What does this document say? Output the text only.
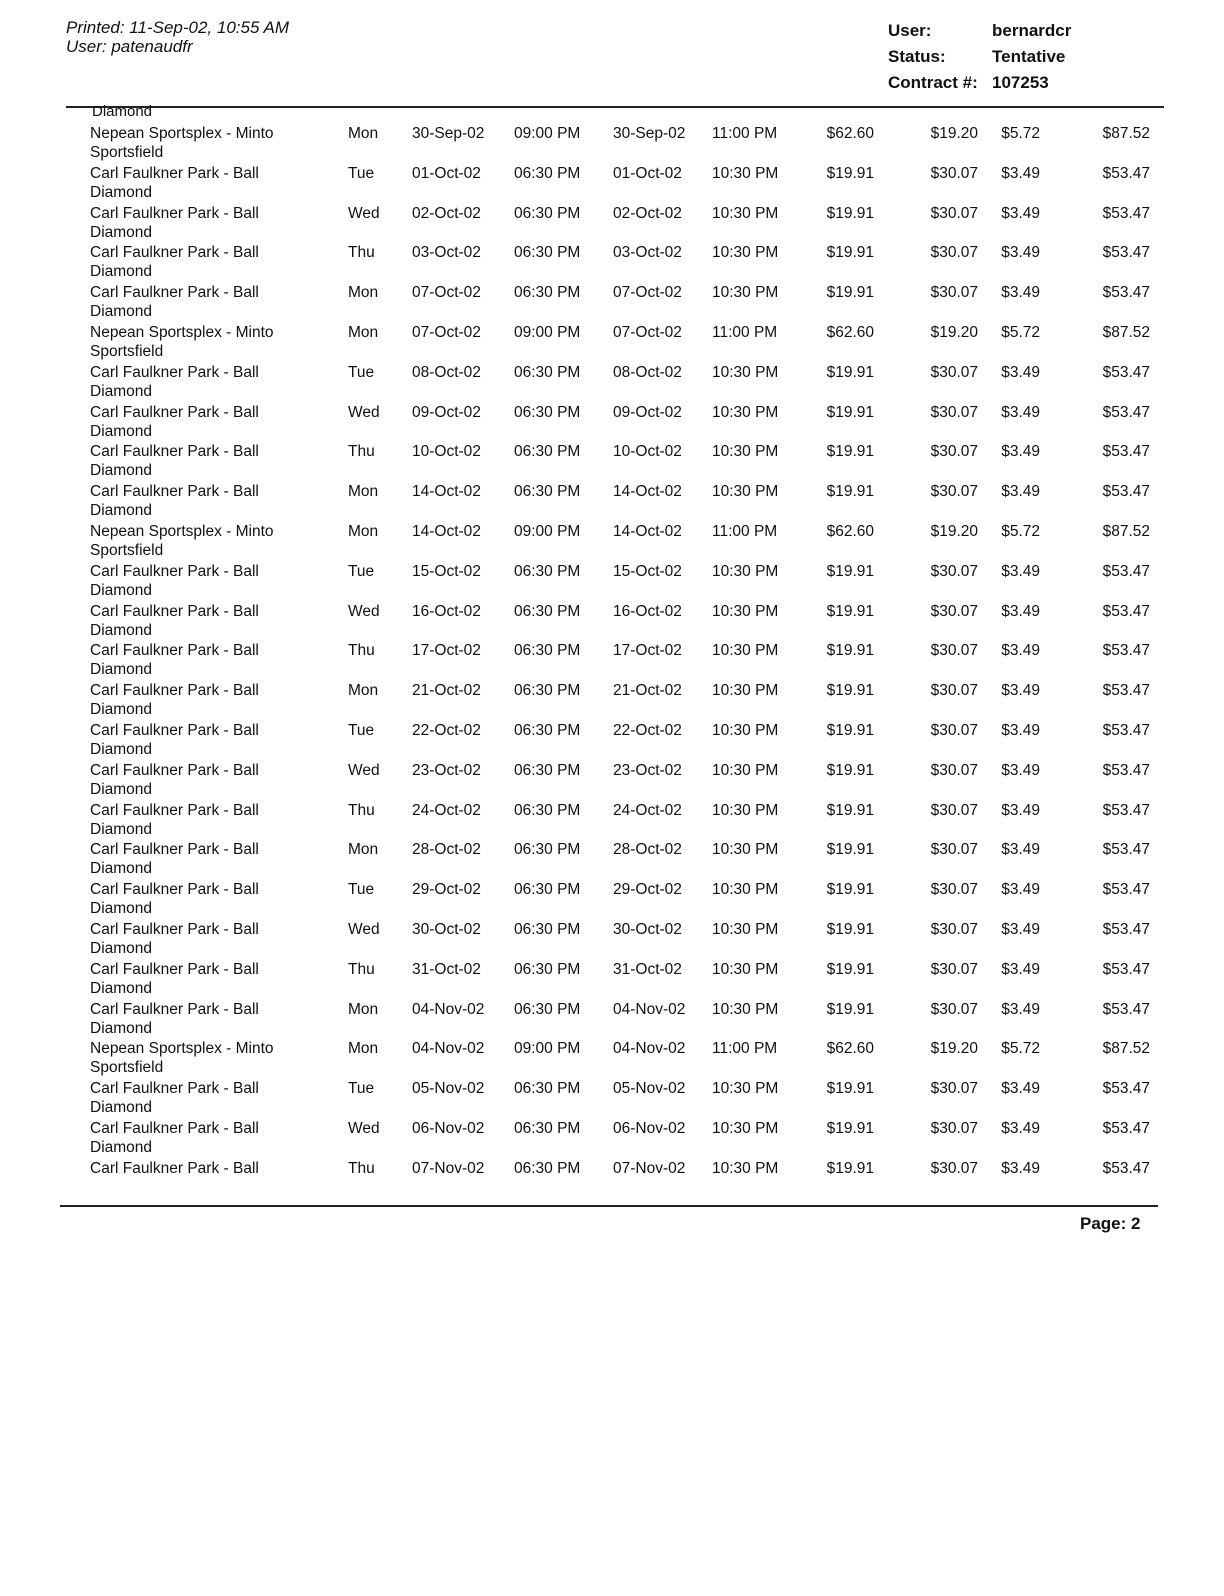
Printed: 11-Sep-02, 10:55 AM
User: patenaudfr
User:	bernardcr
Status:	Tentative
Contract #: 107253
Diamond
Nepean Sportsplex - Minto Sportsfield
Mon 30-Sep-02 09:00 PM 30-Sep-02 11:00 PM	$62.60	$19.20	$5.72	$87.52
Carl Faulkner Park - Ball Diamond
Tue 01-Oct-02 06:30 PM 01-Oct-02 10:30 PM	$19.91	$30.07	$3.49	$53.47
Carl Faulkner Park - Ball Diamond
Wed 02-Oct-02 06:30 PM 02-Oct-02 10:30 PM	$19.91	$30.07	$3.49	$53.47
Carl Faulkner Park - Ball Diamond
Thu 03-Oct-02 06:30 PM 03-Oct-02 10:30 PM	$19.91	$30.07	$3.49	$53.47
Carl Faulkner Park - Ball Diamond
Mon 07-Oct-02 06:30 PM 07-Oct-02 10:30 PM	$19.91	$30.07	$3.49	$53.47
Nepean Sportsplex - Minto Sportsfield
Mon 07-Oct-02 09:00 PM 07-Oct-02 11:00 PM	$62.60	$19.20	$5.72	$87.52
Carl Faulkner Park - Ball Diamond
Tue 08-Oct-02 06:30 PM 08-Oct-02 10:30 PM	$19.91	$30.07	$3.49	$53.47
Carl Faulkner Park - Ball Diamond
Wed 09-Oct-02 06:30 PM 09-Oct-02 10:30 PM	$19.91	$30.07	$3.49	$53.47
Carl Faulkner Park - Ball Diamond
Thu 10-Oct-02 06:30 PM 10-Oct-02 10:30 PM	$19.91	$30.07	$3.49	$53.47
Carl Faulkner Park - Ball Diamond
Mon 14-Oct-02 06:30 PM 14-Oct-02 10:30 PM	$19.91	$30.07	$3.49	$53.47
Nepean Sportsplex - Minto Sportsfield
Mon 14-Oct-02 09:00 PM 14-Oct-02 11:00 PM	$62.60	$19.20	$5.72	$87.52
Carl Faulkner Park - Ball Diamond
Tue 15-Oct-02 06:30 PM 15-Oct-02 10:30 PM	$19.91	$30.07	$3.49	$53.47
Carl Faulkner Park - Ball Diamond
Wed 16-Oct-02 06:30 PM 16-Oct-02 10:30 PM	$19.91	$30.07	$3.49	$53.47
Carl Faulkner Park - Ball Diamond
Thu 17-Oct-02 06:30 PM 17-Oct-02 10:30 PM	$19.91	$30.07	$3.49	$53.47
Carl Faulkner Park - Ball Diamond
Mon 21-Oct-02 06:30 PM 21-Oct-02 10:30 PM	$19.91	$30.07	$3.49	$53.47
Carl Faulkner Park - Ball Diamond
Tue 22-Oct-02 06:30 PM 22-Oct-02 10:30 PM	$19.91	$30.07	$3.49	$53.47
Carl Faulkner Park - Ball Diamond
Wed 23-Oct-02 06:30 PM 23-Oct-02 10:30 PM	$19.91	$30.07	$3.49	$53.47
Carl Faulkner Park - Ball Diamond
Thu 24-Oct-02 06:30 PM 24-Oct-02 10:30 PM	$19.91	$30.07	$3.49	$53.47
Carl Faulkner Park - Ball Diamond
Mon 28-Oct-02 06:30 PM 28-Oct-02 10:30 PM	$19.91	$30.07	$3.49	$53.47
Carl Faulkner Park - Ball Diamond
Tue 29-Oct-02 06:30 PM 29-Oct-02 10:30 PM	$19.91	$30.07	$3.49	$53.47
Carl Faulkner Park - Ball Diamond
Wed 30-Oct-02 06:30 PM 30-Oct-02 10:30 PM	$19.91	$30.07	$3.49	$53.47
Carl Faulkner Park - Ball Diamond
Thu 31-Oct-02 06:30 PM 31-Oct-02 10:30 PM	$19.91	$30.07	$3.49	$53.47
Carl Faulkner Park - Ball Diamond
Mon 04-Nov-02 06:30 PM 04-Nov-02 10:30 PM	$19.91	$30.07	$3.49	$53.47
Nepean Sportsplex - Minto Sportsfield
Mon 04-Nov-02 09:00 PM 04-Nov-02 11:00 PM	$62.60	$19.20	$5.72	$87.52
Carl Faulkner Park - Ball Diamond
Tue 05-Nov-02 06:30 PM 05-Nov-02 10:30 PM	$19.91	$30.07	$3.49	$53.47
Carl Faulkner Park - Ball Diamond
Wed 06-Nov-02 06:30 PM 06-Nov-02 10:30 PM	$19.91	$30.07	$3.49	$53.47
Carl Faulkner Park - Ball	Thu 07-Nov-02 06:30 PM 07-Nov-02 10:30 PM	$19.91	$30.07	$3.49	$53.47
Page: 2
